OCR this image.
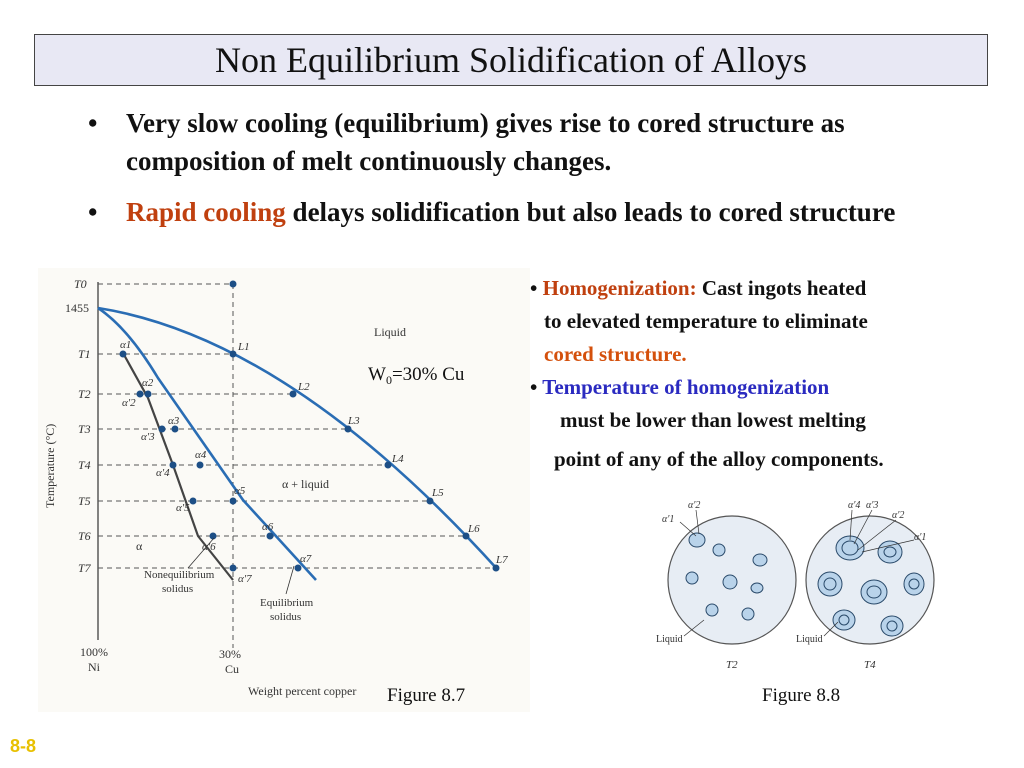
Non Equilibrium Solidification of Alloys
•	Very slow cooling (equilibrium) gives rise to cored structure as composition of melt continuously changes.
•	Rapid cooling delays solidification but also leads to cored structure

• Homogenization: Cast ingots heated

to elevated temperature to eliminate

cored structure.

• Temperature of homogenization

must be lower than lowest melting

point of any of the alloy components.

T0
1455
T1
T2
T3
T4
T5
T6
T7
Temperature (°C)
100%
Ni
30%
Cu
Weight percent copper
Liquid
α + liquid
α
L1
L2
L3
L4
L5
L6
L7
α1
α2
α3
α4
α5
α6
α7
α′2
α′3
α′4
α′5
α′6
α′7
Nonequilibrium
solidus
Equilibrium
solidus
$W_0=30\%$ Cu
Figure 8.7
α′1
α′2	α′4 α′3
α′2
α′1
Liquid	Liquid
T2	T4
Figure 8.8
8-8
